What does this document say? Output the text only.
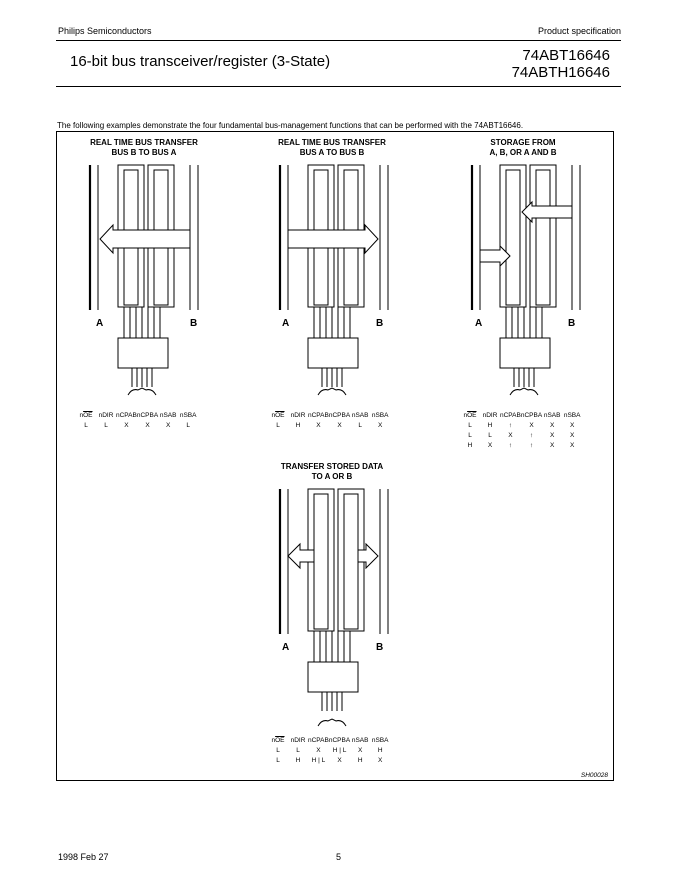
Philips Semiconductors	Product specification
16-bit bus transceiver/register (3-State)	74ABT16646
74ABTH16646
The following examples demonstrate the four fundamental bus-management functions that can be performed with the 74ABT16646.
REAL TIME BUS TRANSFER
BUS B TO BUS A
A	B
$n\overline{OE}$	nDIR	nCPAB	nCPBA	nSAB	nSBA
L	L	X	X	X	L
REAL TIME BUS TRANSFER
BUS A TO BUS B
A	B
$n\overline{OE}$	nDIR	nCPAB	nCPBA	nSAB	nSBA
L	H	X	X	L	X
STORAGE FROM
A, B, OR A AND B
A	B
$n\overline{OE}$	nDIR	nCPAB	nCPBA	nSAB	nSBA
L	H	↑	X	X	X
L	L	X	↑	X	X
H	X	↑	↑	X	X
TRANSFER STORED DATA
TO A OR B
A	B
$n\overline{OE}$	nDIR	nCPAB	nCPBA	nSAB	nSBA
L	L	X	H | L	X	H
L	H	H | L	X	H	X
SH00028
1998 Feb 27	5
